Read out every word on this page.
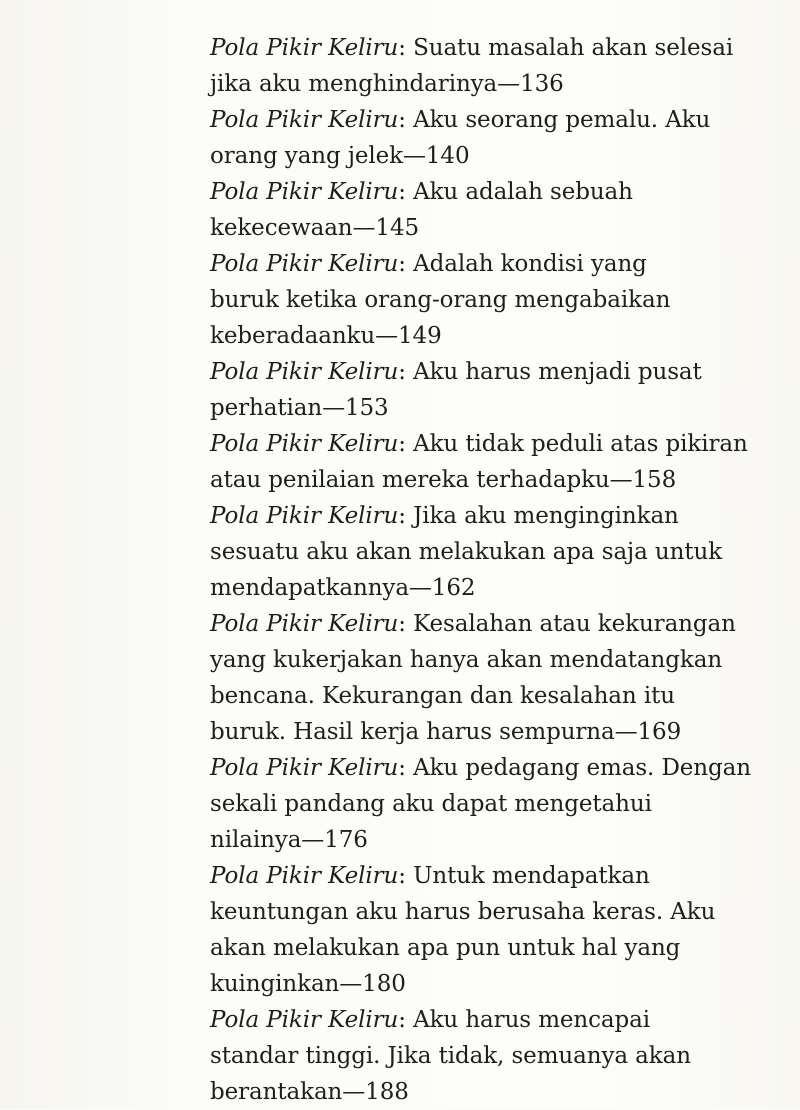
Pola Pikir Keliru: Suatu masalah akan selesai
jika aku menghindarinya—136
Pola Pikir Keliru: Aku seorang pemalu. Aku
orang yang jelek—140
Pola Pikir Keliru: Aku adalah sebuah
kekecewaan—145
Pola Pikir Keliru: Adalah kondisi yang
buruk ketika orang-orang mengabaikan
keberadaanku—149
Pola Pikir Keliru: Aku harus menjadi pusat
perhatian—153
Pola Pikir Keliru: Aku tidak peduli atas pikiran
atau penilaian mereka terhadapku—158
Pola Pikir Keliru: Jika aku menginginkan
sesuatu aku akan melakukan apa saja untuk
mendapatkannya—162
Pola Pikir Keliru: Kesalahan atau kekurangan
yang kukerjakan hanya akan mendatangkan
bencana. Kekurangan dan kesalahan itu
buruk. Hasil kerja harus sempurna—169
Pola Pikir Keliru: Aku pedagang emas. Dengan
sekali pandang aku dapat mengetahui
nilainya—176
Pola Pikir Keliru: Untuk mendapatkan
keuntungan aku harus berusaha keras. Aku
akan melakukan apa pun untuk hal yang
kuinginkan—180
Pola Pikir Keliru: Aku harus mencapai
standar tinggi. Jika tidak, semuanya akan
berantakan—188
